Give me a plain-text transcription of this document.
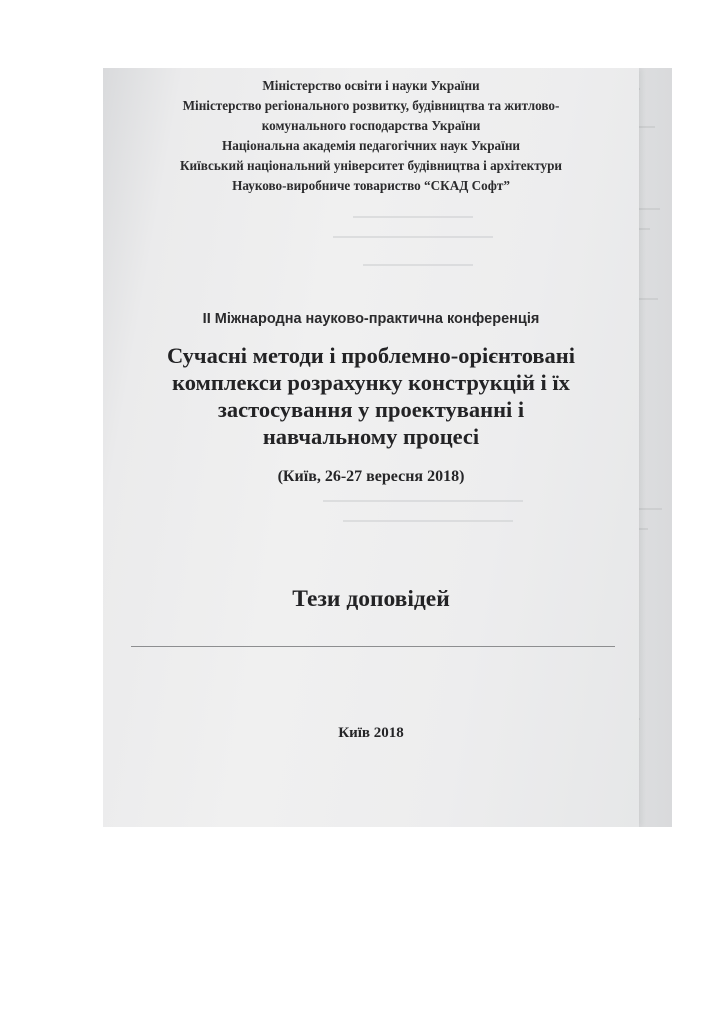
Міністерство освіти і науки України
Міністерство регіонального розвитку, будівництва та житлово-
комунального господарства України
Національна академія педагогічних наук України
Київський національний університет будівництва і архітектури
Науково-виробниче товариство “СКАД Софт”
ІІ Міжнародна науково-практична конференція
Сучасні методи і проблемно-орієнтовані
комплекси розрахунку конструкцій і їх
застосування у проектуванні і
навчальному процесі
(Київ, 26-27 вересня 2018)
Тези доповідей
Київ 2018
